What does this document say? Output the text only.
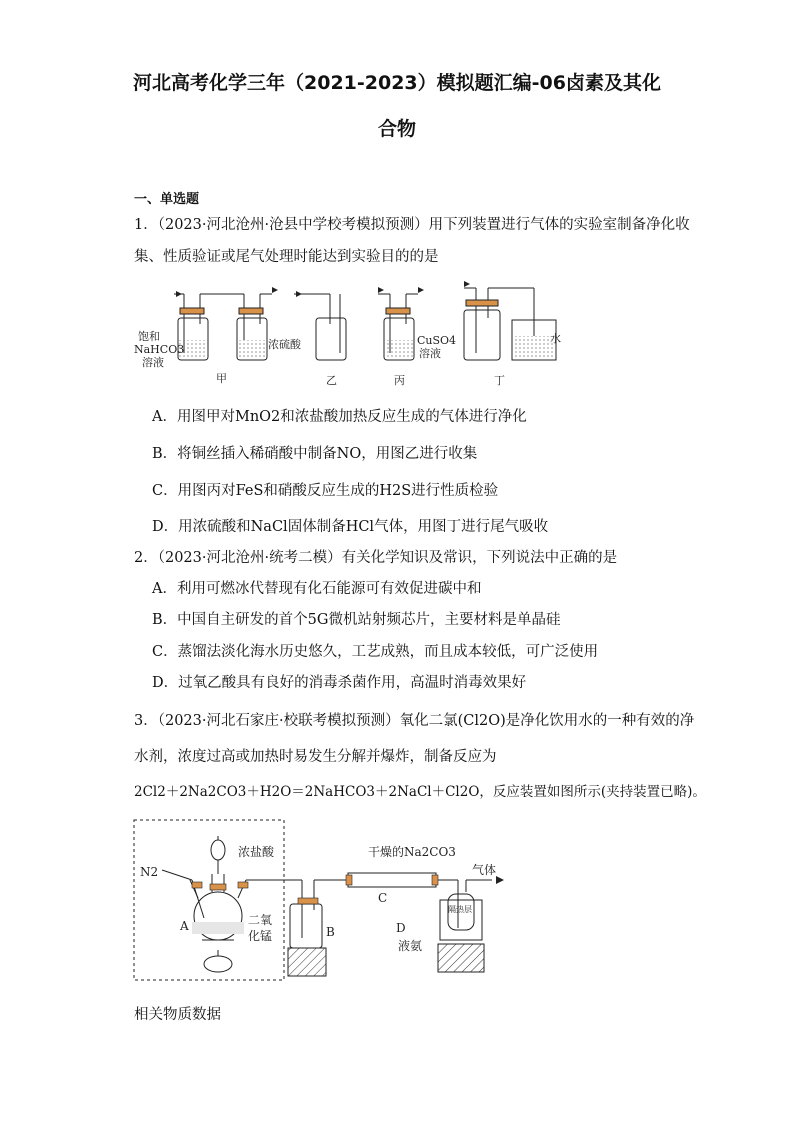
河北高考化学三年（2021-2023）模拟题汇编-06卤素及其化
合物
一、单选题
1．（2023·河北沧州·沧县中学校考模拟预测）用下列装置进行气体的实验室制备净化收
集、性质验证或尾气处理时能达到实验目的的是
饱和
NaHCO3
溶液
浓硫酸	CuSO4
溶液
水
甲	乙	丙	丁
A．用图甲对MnO2和浓盐酸加热反应生成的气体进行净化
B．将铜丝插入稀硝酸中制备NO，用图乙进行收集
C．用图丙对FeS和硝酸反应生成的H2S进行性质检验
D．用浓硫酸和NaCl固体制备HCl气体，用图丁进行尾气吸收
2．（2023·河北沧州·统考二模）有关化学知识及常识，下列说法中正确的是
A．利用可燃冰代替现有化石能源可有效促进碳中和
B．中国自主研发的首个5G微机站射频芯片，主要材料是单晶硅
C．蒸馏法淡化海水历史悠久，工艺成熟，而且成本较低，可广泛使用
D．过氧乙酸具有良好的消毒杀菌作用，高温时消毒效果好
3．（2023·河北石家庄·校联考模拟预测）氧化二氯(Cl2O)是净化饮用水的一种有效的净
水剂，浓度过高或加热时易发生分解并爆炸，制备反应为
2Cl2＋2Na2CO3＋H2O＝2NaHCO3＋2NaCl＋Cl2O，反应装置如图所示(夹持装置已略)。
N2
浓盐酸	干燥的Na2CO3
气体
A	二氧
化锰	B
C
D
液氨
隔热层
相关物质数据
